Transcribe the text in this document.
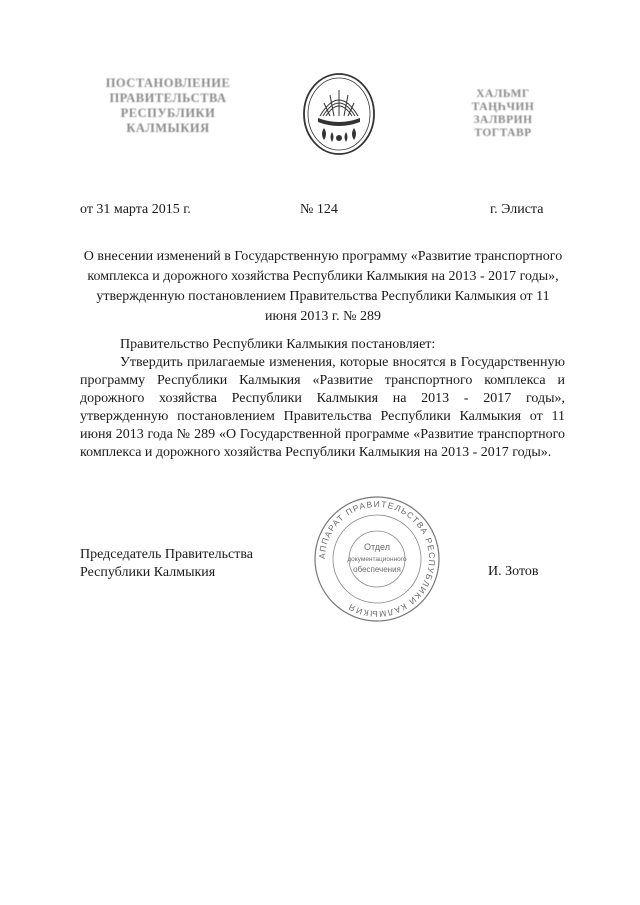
ПОСТАНОВЛЕНИЕ
ПРАВИТЕЛЬСТВА
РЕСПУБЛИКИ
КАЛМЫКИЯ
ХАЛЬМГ
ТАҢҺЧИН
ЗАЛВРИН
ТОГТАВР
от 31 марта 2015 г.	№ 124	г. Элиста
О внесении изменений в Государственную программу «Развитие транспортного комплекса и дорожного хозяйства Республики Калмыкия на 2013 - 2017 годы», утвержденную постановлением Правительства Республики Калмыкия от 11 июня 2013 г. № 289
Правительство Республики Калмыкия постановляет:
Утвердить прилагаемые изменения, которые вносятся в Государственную программу Республики Калмыкия «Развитие транспортного комплекса и дорожного хозяйства Республики Калмыкия на 2013 - 2017 годы», утвержденную постановлением Правительства Республики Калмыкия от 11 июня 2013 года № 289 «О Государственной программе «Развитие транспортного комплекса и дорожного хозяйства Республики Калмыкия на 2013 - 2017 годы».
АППАРАТ ПРАВИТЕЛЬСТВА РЕСПУБЛИКИ КАЛМЫКИЯ
Отдел
документационного
обеспечения
Председатель Правительства
Республики Калмыкия	И. Зотов
